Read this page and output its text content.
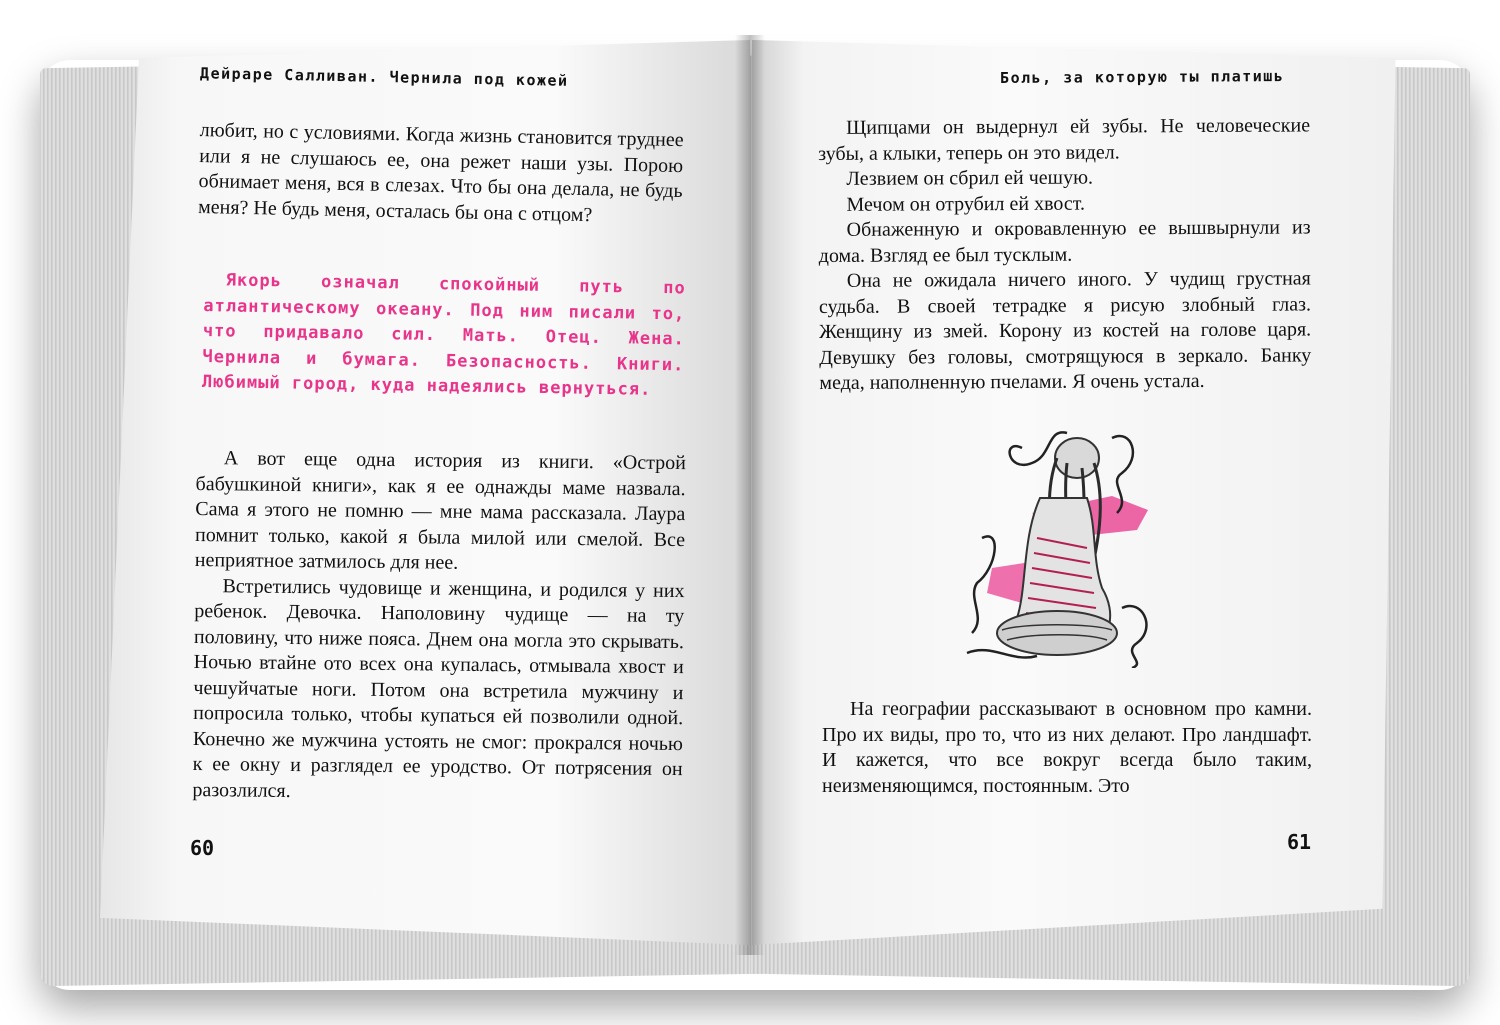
Дейраре Салливан. Чернила под кожей

любит, но с условиями. Когда жизнь становится труднее или я не слушаюсь ее, она режет наши узы. Порою обнимает меня, вся в слезах. Что бы она делала, не будь меня? Не будь меня, осталась бы она с отцом?

Якорь означал спокойный путь по атлантическому океану. Под ним писали то, что придавало сил. Мать. Отец. Жена. Чернила и бумага. Безопасность. Книги. Любимый город, куда надеялись вернуться.

А вот еще одна история из книги. «Острой бабушкиной книги», как я ее однажды маме назвала. Сама я этого не помню — мне мама рассказала. Лаура помнит только, какой я была милой или смелой. Все неприятное затмилось для нее.

Встретились чудовище и женщина, и родился у них ребенок. Девочка. Наполовину чудище — на ту половину, что ниже пояса. Днем она могла это скрывать. Ночью втайне ото всех она купалась, отмывала хвост и чешуйчатые ноги. Потом она встретила мужчину и попросила только, чтобы купаться ей позволили одной. Конечно же мужчина устоять не смог: прокрался ночью к ее окну и разглядел ее уродство. От потрясения он разозлился.

60
Боль, за которую ты платишь

Щипцами он выдернул ей зубы. Не человеческие зубы, а клыки, теперь он это видел.

Лезвием он сбрил ей чешую.

Мечом он отрубил ей хвост.

Обнаженную и окровавленную ее вышвырнули из дома. Взгляд ее был тусклым.

Она не ожидала ничего иного. У чудищ грустная судьба. В своей тетрадке я рисую злобный глаз. Женщину из змей. Корону из костей на голове царя. Девушку без головы, смотрящуюся в зеркало. Банку меда, наполненную пчелами. Я очень устала.

На географии рассказывают в основном про камни. Про их виды, про то, что из них делают. Про ландшафт. И кажется, что все вокруг всегда было таким, неизменяющимся, постоянным. Это

61
